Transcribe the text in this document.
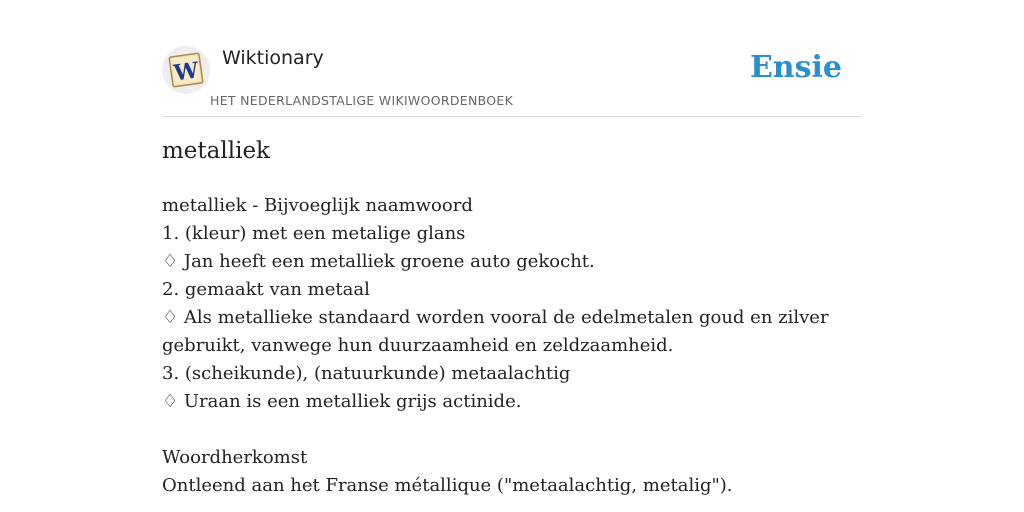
W Wiktionary
HET NEDERLANDSTALIGE WIKIWOORDENBOEK
Ensie
metalliek
metalliek - Bijvoeglijk naamwoord
1. (kleur) met een metalige glans
♢ Jan heeft een metalliek groene auto gekocht.
2. gemaakt van metaal
♢ Als metallieke standaard worden vooral de edelmetalen goud en zilver
gebruikt, vanwege hun duurzaamheid en zeldzaamheid.
3. (scheikunde), (natuurkunde) metaalachtig
♢ Uraan is een metalliek grijs actinide.
Woordherkomst
Ontleend aan het Franse métallique ("metaalachtig, metalig").
